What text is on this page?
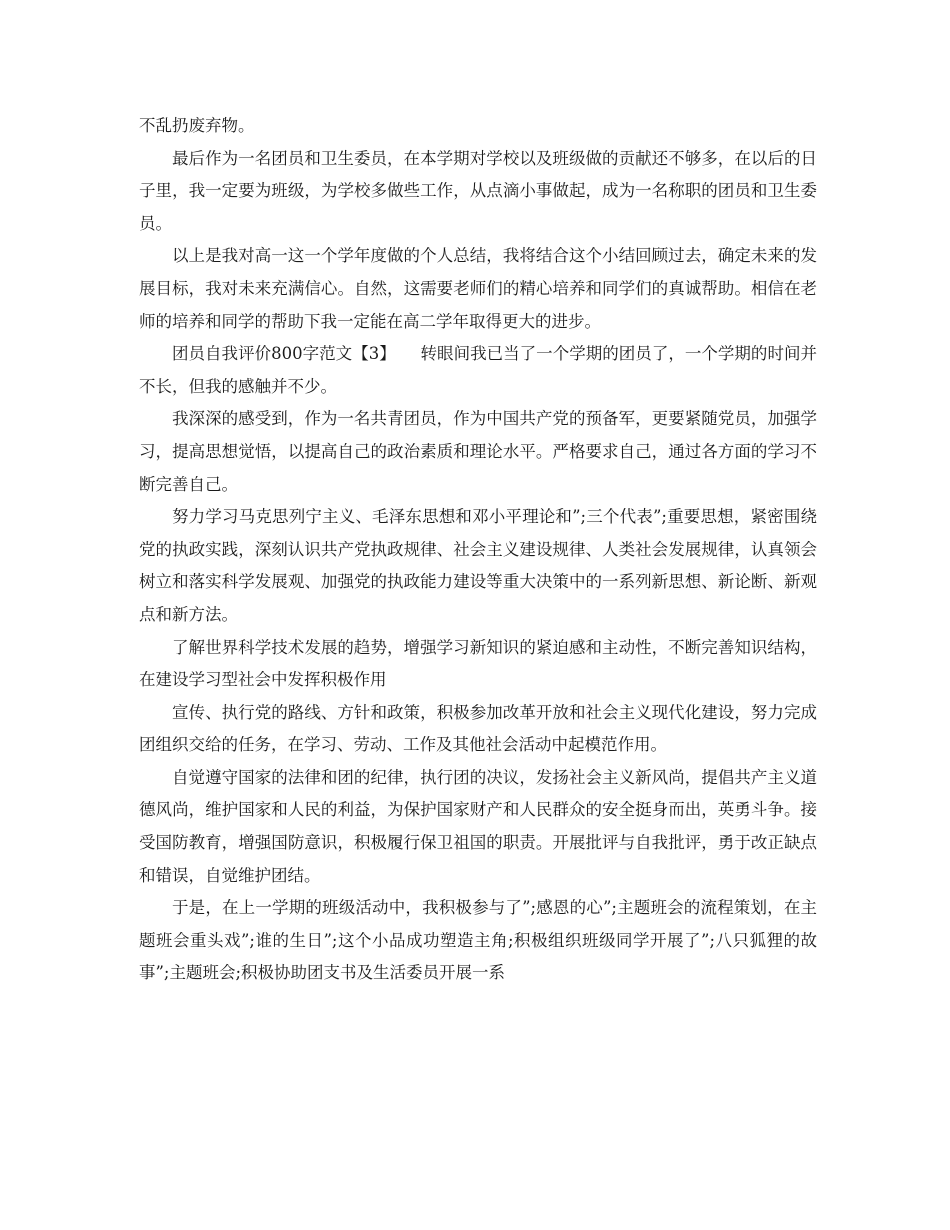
不乱扔废弃物。

最后作为一名团员和卫生委员，在本学期对学校以及班级做的贡献还不够多，在以后的日子里，我一定要为班级，为学校多做些工作，从点滴小事做起，成为一名称职的团员和卫生委员。

以上是我对高一这一个学年度做的个人总结，我将结合这个小结回顾过去，确定未来的发展目标，我对未来充满信心。自然，这需要老师们的精心培养和同学们的真诚帮助。相信在老师的培养和同学的帮助下我一定能在高二学年取得更大的进步。

团员自我评价800字范文【3】　　转眼间我已当了一个学期的团员了，一个学期的时间并不长，但我的感触并不少。

我深深的感受到，作为一名共青团员，作为中国共产党的预备军，更要紧随党员，加强学习，提高思想觉悟，以提高自己的政治素质和理论水平。严格要求自己，通过各方面的学习不断完善自己。

努力学习马克思列宁主义、毛泽东思想和邓小平理论和”;三个代表”;重要思想，紧密围绕党的执政实践，深刻认识共产党执政规律、社会主义建设规律、人类社会发展规律，认真领会树立和落实科学发展观、加强党的执政能力建设等重大决策中的一系列新思想、新论断、新观点和新方法。

了解世界科学技术发展的趋势，增强学习新知识的紧迫感和主动性，不断完善知识结构，在建设学习型社会中发挥积极作用

宣传、执行党的路线、方针和政策，积极参加改革开放和社会主义现代化建设，努力完成团组织交给的任务，在学习、劳动、工作及其他社会活动中起模范作用。

自觉遵守国家的法律和团的纪律，执行团的决议，发扬社会主义新风尚，提倡共产主义道德风尚，维护国家和人民的利益，为保护国家财产和人民群众的安全挺身而出，英勇斗争。接受国防教育，增强国防意识，积极履行保卫祖国的职责。开展批评与自我批评，勇于改正缺点和错误，自觉维护团结。

于是，在上一学期的班级活动中，我积极参与了”;感恩的心”;主题班会的流程策划，在主题班会重头戏”;谁的生日”;这个小品成功塑造主角;积极组织班级同学开展了”;八只狐狸的故事”;主题班会;积极协助团支书及生活委员开展一系
